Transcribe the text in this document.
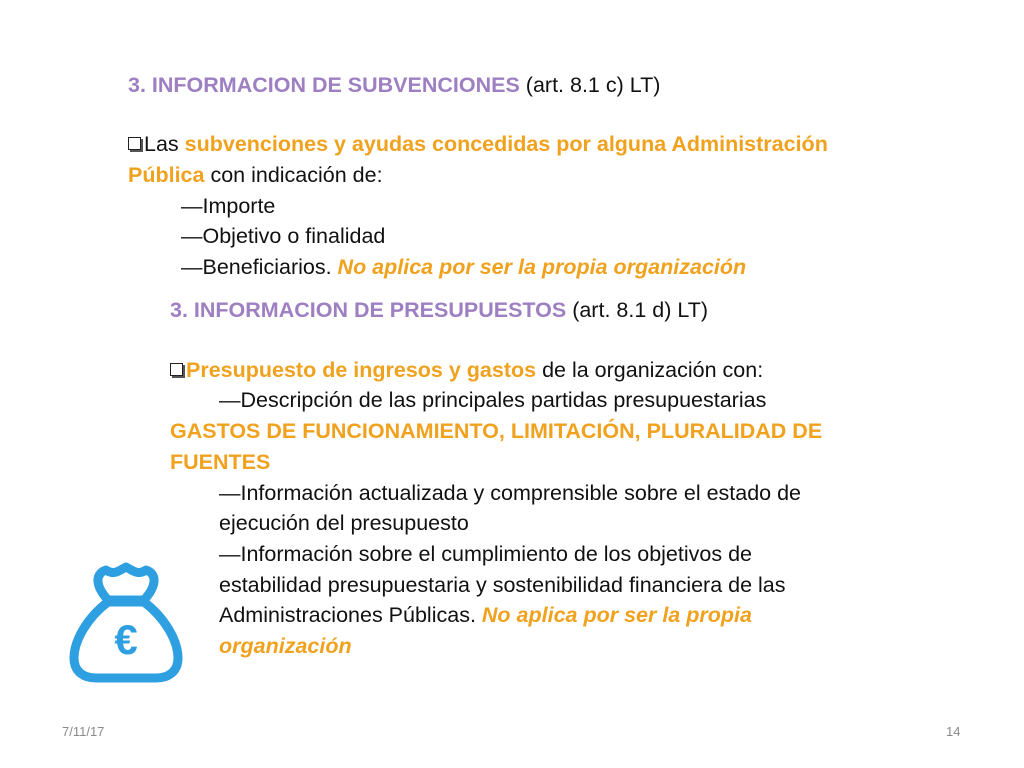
3. INFORMACION DE SUBVENCIONES (art. 8.1 c) LT)
Las subvenciones y ayudas concedidas por alguna Administración
Pública con indicación de:
—Importe
—Objetivo o finalidad
—Beneficiarios. No aplica por ser la propia organización
3. INFORMACION DE PRESUPUESTOS (art. 8.1 d) LT)
Presupuesto de ingresos y gastos de la organización con:
—Descripción de las principales partidas presupuestarias
GASTOS DE FUNCIONAMIENTO, LIMITACIÓN, PLURALIDAD DE
FUENTES
—Información actualizada y comprensible sobre el estado de
ejecución del presupuesto
—Información sobre el cumplimiento de los objetivos de
estabilidad presupuestaria y sostenibilidad financiera de las
Administraciones Públicas. No aplica por ser la propia
organización
€
7/11/17	14
